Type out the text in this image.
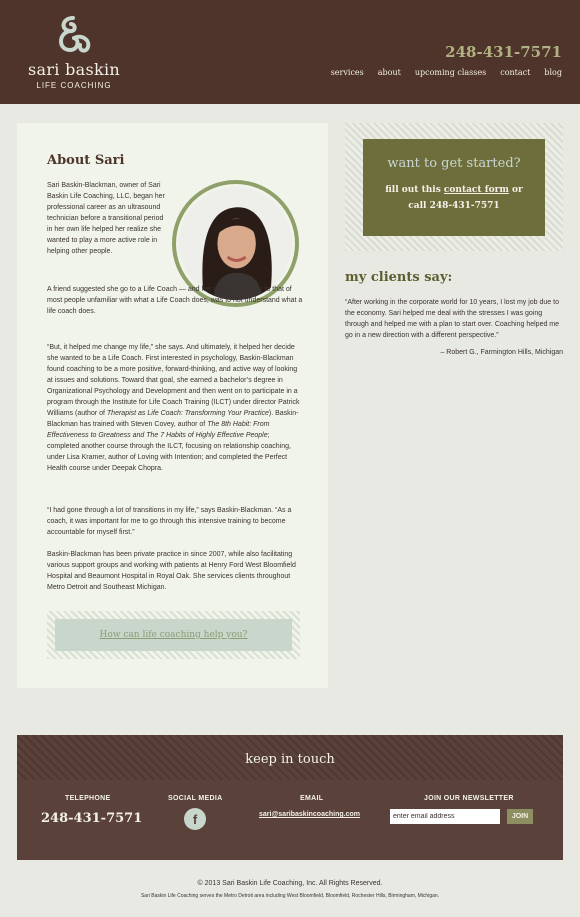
sari baskin
LIFE COACHING
248-431-7571
services about upcoming classes contact blog
About Sari

Sari Baskin-Blackman, owner of Sari Baskin Life Coaching, LLC, began her professional career as an ultrasound technician before a transitional period in her own life helped her realize she wanted to play a more active role in helping other people.

A friend suggested she go to a Life Coach — and her reaction, similar to that of most people unfamiliar with what a Life Coach does, was to not understand what a life coach does.

“But, it helped me change my life,” she says. And ultimately, it helped her decide she wanted to be a Life Coach. First interested in psychology, Baskin-Blackman found coaching to be a more positive, forward-thinking, and active way of looking at issues and solutions. Toward that goal, she earned a bachelor’s degree in Organizational Psychology and Development and then went on to participate in a program through the Institute for Life Coach Training (ILCT) under director Patrick Williams (author of Therapist as Life Coach: Transforming Your Practice). Baskin-Blackman has trained with Steven Covey, author of The 8th Habit: From Effectiveness to Greatness and The 7 Habits of Highly Effective People; completed another course through the ILCT, focusing on relationship coaching, under Lisa Kramer, author of Loving with Intention; and completed the Perfect Health course under Deepak Chopra.

“I had gone through a lot of transitions in my life,” says Baskin-Blackman. “As a coach, it was important for me to go through this intensive training to become accountable for myself first.”

Baskin-Blackman has been private practice in since 2007, while also facilitating various support groups and working with patients at Henry Ford West Bloomfield Hospital and Beaumont Hospital in Royal Oak. She services clients throughout Metro Detroit and Southeast Michigan.

How can life coaching help you?
want to get started?
fill out this contact form or
call 248-431-7571
my clients say:

“After working in the corporate world for 10 years, I lost my job due to the economy. Sari helped me deal with the stresses I was going through and helped me with a plan to start over. Coaching helped me go in a new direction with a different perspective.”

– Robert G., Farmington Hills, Michigan
keep in touch
TELEPHONE
248-431-7571
SOCIAL MEDIA
f
EMAIL
sari@saribaskincoaching.com
JOIN OUR NEWSLETTER
enter email address
JOIN
© 2013 Sari Baskin Life Coaching, Inc. All Rights Reserved.
Sari Baskin Life Coaching serves the Metro Detroit area including West Bloomfield, Bloomfield, Rochester Hills, Birmingham, Michigan.
